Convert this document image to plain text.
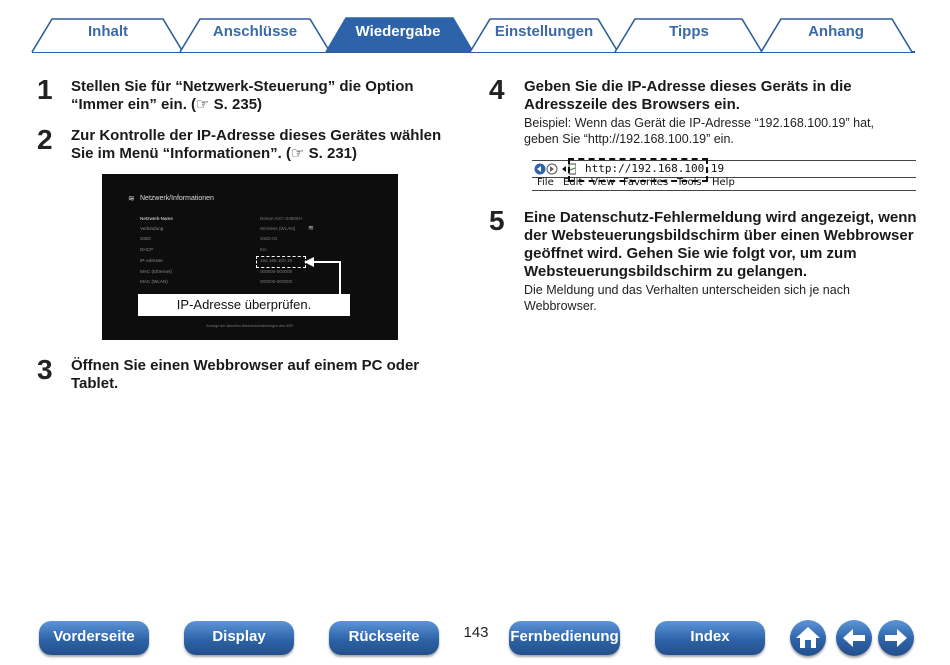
Inhalt	Anschlüsse	Wiedergabe	Einstellungen	Tipps	Anhang
1 Stellen Sie für “Netzwerk-Steuerung” die Option
“Immer ein” ein. (☞ S. 235)
2 Zur Kontrolle der IP-Adresse dieses Gerätes wählen
Sie im Menü “Informationen”. (☞ S. 231)
≋ Netzwerk/Informationen
Netzwerk-Name	Denon AVC-X4800H
Verbindung	Wireless (WLAN) ≋
SSID	SSID-01
DHCP	Ein
IP-Adresse	192.168.100.19
MAC (Ethernet)	000000-000000
MAC (WLAN)	000000-000000
IP-Adresse überprüfen.
Anzeige der aktuellen Netzwerkeinstellungen des AVR.
3 Öffnen Sie einen Webbrowser auf einem PC oder
Tablet.
4 Geben Sie die IP-Adresse dieses Geräts in die
Adresszeile des Browsers ein.
Beispiel: Wenn das Gerät die IP-Adresse “192.168.100.19” hat,
geben Sie “http://192.168.100.19” ein.
http://192.168.100.19
File Edit View Favorites Tools Help
5 Eine Datenschutz-Fehlermeldung wird angezeigt, wenn
der Websteuerungsbildschirm über einen Webbrowser
geöffnet wird. Gehen Sie wie folgt vor, um zum
Websteuerungsbildschirm zu gelangen.
Die Meldung und das Verhalten unterscheiden sich je nach
Webbrowser.
Vorderseite	Display	Rückseite	143	Fernbedienung	Index
